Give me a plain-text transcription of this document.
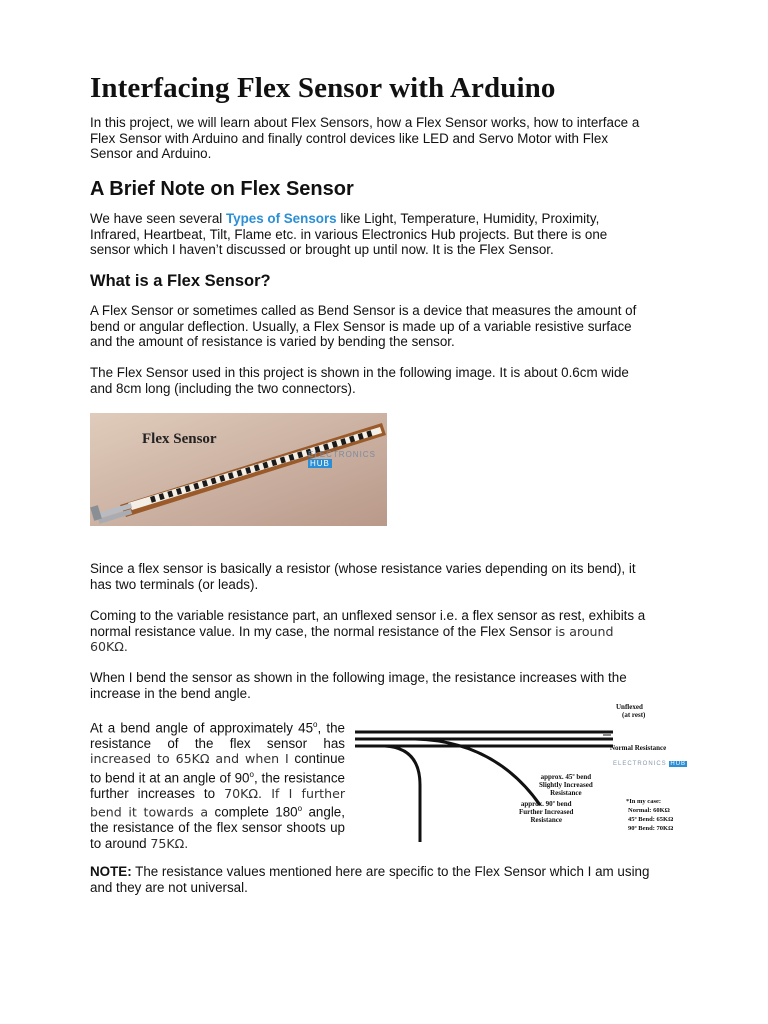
Interfacing Flex Sensor with Arduino

In this project, we will learn about Flex Sensors, how a Flex Sensor works, how to interface a Flex Sensor with Arduino and finally control devices like LED and Servo Motor with Flex Sensor and Arduino.

A Brief Note on Flex Sensor

We have seen several Types of Sensors like Light, Temperature, Humidity, Proximity, Infrared, Heartbeat, Tilt, Flame etc. in various Electronics Hub projects. But there is one sensor which I haven’t discussed or brought up until now. It is the Flex Sensor.

What is a Flex Sensor?

A Flex Sensor or sometimes called as Bend Sensor is a device that measures the amount of bend or angular deflection. Usually, a Flex Sensor is made up of a variable resistive surface and the amount of resistance is varied by bending the sensor.

The Flex Sensor used in this project is shown in the following image. It is about 0.6cm wide and 8cm long (including the two connectors).

Flex Sensor
ELECTRONICS HUB

Since a flex sensor is basically a resistor (whose resistance varies depending on its bend), it has two terminals (or leads).

Coming to the variable resistance part, an unflexed sensor i.e. a flex sensor as rest, exhibits a normal resistance value. In my case, the normal resistance of the Flex Sensor is around 60KΩ.

When I bend the sensor as shown in the following image, the resistance increases with the increase in the bend angle.

At a bend angle of approximately 45$^o$, the resistance of the flex sensor has increased to 65KΩ and when I continue to bend it at an angle of 90$^o$, the resistance further increases to 70KΩ. If I further bend it towards a complete 180$^o$ angle, the resistance of the flex sensor shoots up to around 75KΩ.

Unflexed
(at rest)
Normal Resistance
ELECTRONICS HUB
approx. 45º bend
Slightly Increased
Resistance
approx. 90º bend
Further Increased
Resistance
*In my case:
Normal: 60KΩ
45º Bend: 65KΩ
90º Bend: 70KΩ

NOTE: The resistance values mentioned here are specific to the Flex Sensor which I am using and they are not universal.
